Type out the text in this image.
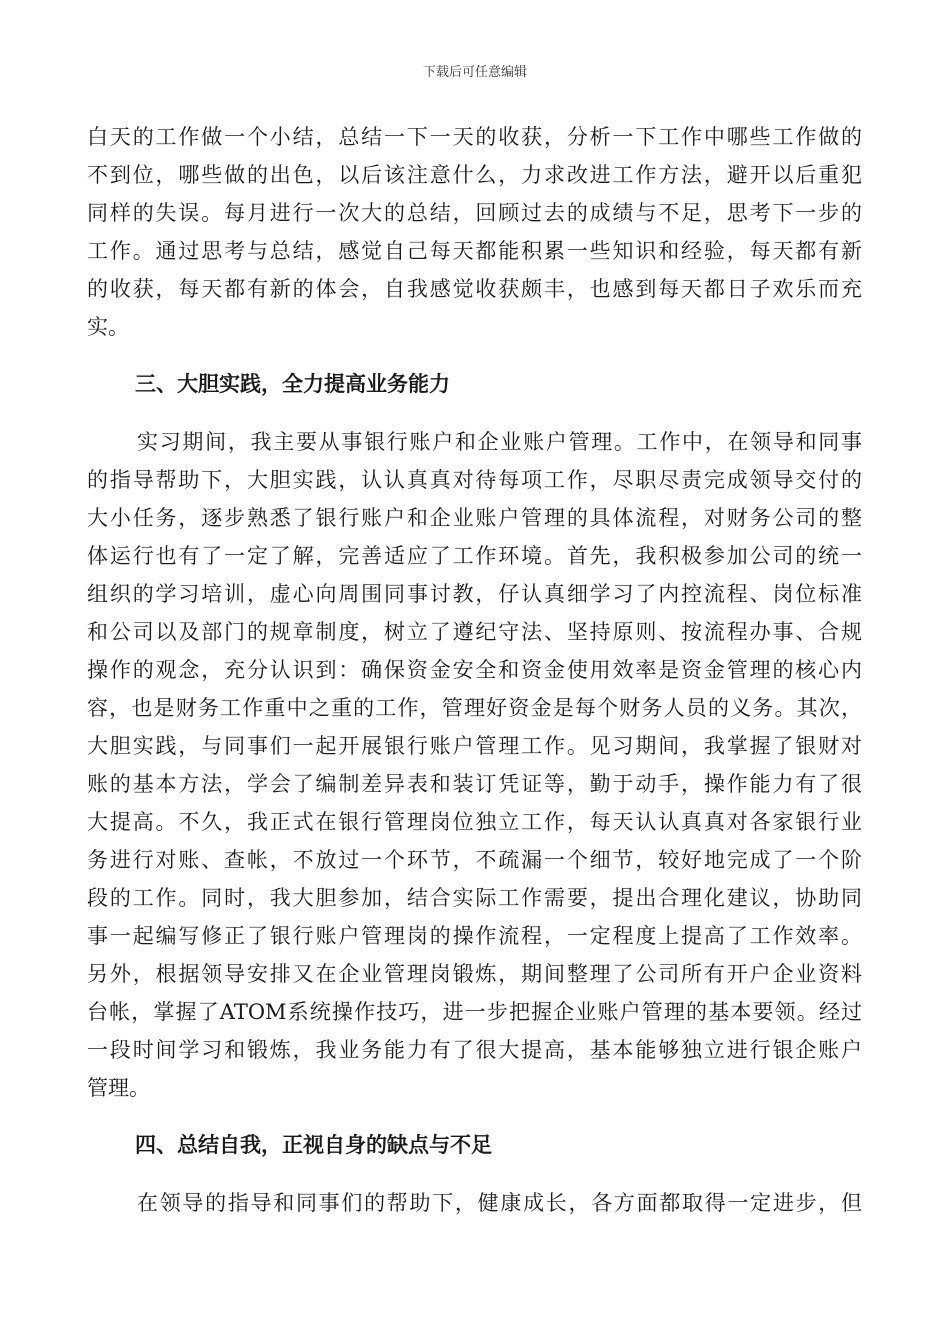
下载后可任意编辑
白天的工作做一个小结，总结一下一天的收获，分析一下工作中哪些工作做的
不到位，哪些做的出色，以后该注意什么，力求改进工作方法，避开以后重犯
同样的失误。每月进行一次大的总结，回顾过去的成绩与不足，思考下一步的
工作。通过思考与总结，感觉自己每天都能积累一些知识和经验，每天都有新
的收获，每天都有新的体会，自我感觉收获颇丰，也感到每天都日子欢乐而充
实。
三、大胆实践，全力提高业务能力
实习期间，我主要从事银行账户和企业账户管理。工作中，在领导和同事
的指导帮助下，大胆实践，认认真真对待每项工作，尽职尽责完成领导交付的
大小任务，逐步熟悉了银行账户和企业账户管理的具体流程，对财务公司的整
体运行也有了一定了解，完善适应了工作环境。首先，我积极参加公司的统一
组织的学习培训，虚心向周围同事讨教，仔认真细学习了内控流程、岗位标准
和公司以及部门的规章制度，树立了遵纪守法、坚持原则、按流程办事、合规
操作的观念，充分认识到：确保资金安全和资金使用效率是资金管理的核心内
容，也是财务工作重中之重的工作，管理好资金是每个财务人员的义务。其次，
大胆实践，与同事们一起开展银行账户管理工作。见习期间，我掌握了银财对
账的基本方法，学会了编制差异表和装订凭证等，勤于动手，操作能力有了很
大提高。不久，我正式在银行管理岗位独立工作，每天认认真真对各家银行业
务进行对账、查帐，不放过一个环节，不疏漏一个细节，较好地完成了一个阶
段的工作。同时，我大胆参加，结合实际工作需要，提出合理化建议，协助同
事一起编写修正了银行账户管理岗的操作流程，一定程度上提高了工作效率。
另外，根据领导安排又在企业管理岗锻炼，期间整理了公司所有开户企业资料
台帐，掌握了ATOM系统操作技巧，进一步把握企业账户管理的基本要领。经过
一段时间学习和锻炼，我业务能力有了很大提高，基本能够独立进行银企账户
管理。
四、总结自我，正视自身的缺点与不足
在领导的指导和同事们的帮助下，健康成长，各方面都取得一定进步，但
